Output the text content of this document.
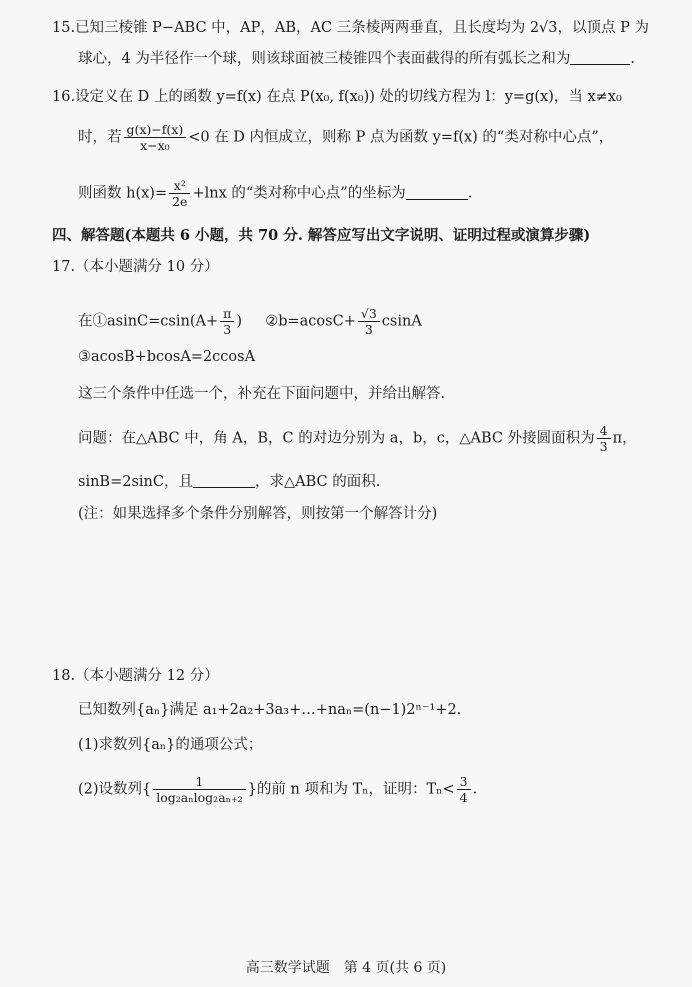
15.已知三棱锥 P−ABC 中，AP，AB，AC 三条棱两两垂直，且长度均为 2√3，以顶点 P 为
球心，4 为半径作一个球，则该球面被三棱锥四个表面截得的所有弧长之和为	.
16.设定义在 D 上的函数 y=f(x) 在点 P(x₀, f(x₀)) 处的切线方程为 l：y=g(x)，当 x≠x₀
时，若 $\frac{g(x)-f(x)}{\text{x−x₀}} <0$ 在 D 内恒成立，则称 P 点为函数 y=f(x) 的“类对称中心点”，
则函数 $h(x)= \frac{\text{x²}}{2e} +\ln x$ 的“类对称中心点”的坐标为	.
四、解答题(本题共 6 小题，共 70 分. 解答应写出文字说明、证明过程或演算步骤)
17.（本小题满分 10 分）
在①asinC=csin(A+ $\frac{\pi}{3}$ ) ②b=acosC+ $\frac{√3}{3}$ csinA
③acosB+bcosA=2ccosA
这三个条件中任选一个，补充在下面问题中，并给出解答.
问题：在△ABC 中，角 A，B，C 的对边分别为 a，b，c，△ABC 外接圆面积为 $\frac{4}{3}$ π，
sinB=2sinC，且	，求△ABC 的面积.
(注：如果选择多个条件分别解答，则按第一个解答计分)
18.（本小题满分 12 分）
已知数列{aₙ}满足 a₁+2a₂+3a₃+…+naₙ=(n−1)2ⁿ⁻¹+2.
(1)求数列{aₙ}的通项公式；
(2)设数列{ $\frac{1}{\text{log₂aₙlog₂aₙ₊₂}}$ }的前 n 项和为 Tₙ，证明：$T_n< \frac{3}{4}$ .
高三数学试题　第 4 页(共 6 页)
